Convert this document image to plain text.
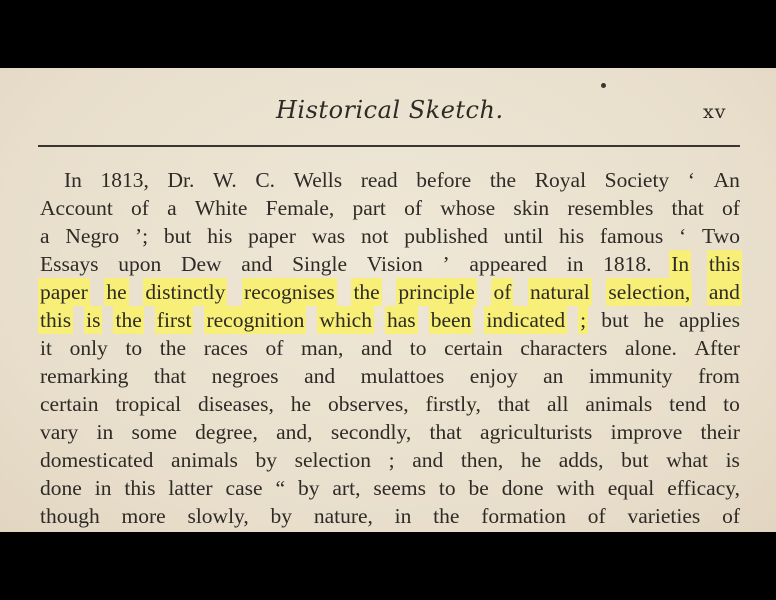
Historical Sketch.	xv
In 1813, Dr. W. C. Wells read before the Royal Society ‘ An
Account of a White Female, part of whose skin resembles that of
a Negro ’; but his paper was not published until his famous ‘ Two
Essays upon Dew and Single Vision ’ appeared in 1818. In this
paper he distinctly recognises the principle of natural selection, and
this is the first recognition which has been indicated ; but he applies
it only to the races of man, and to certain characters alone. After
remarking that negroes and mulattoes enjoy an immunity from
certain tropical diseases, he observes, firstly, that all animals tend to
vary in some degree, and, secondly, that agriculturists improve their
domesticated animals by selection ; and then, he adds, but what is
done in this latter case “ by art, seems to be done with equal efficacy,
though more slowly, by nature, in the formation of varieties of
